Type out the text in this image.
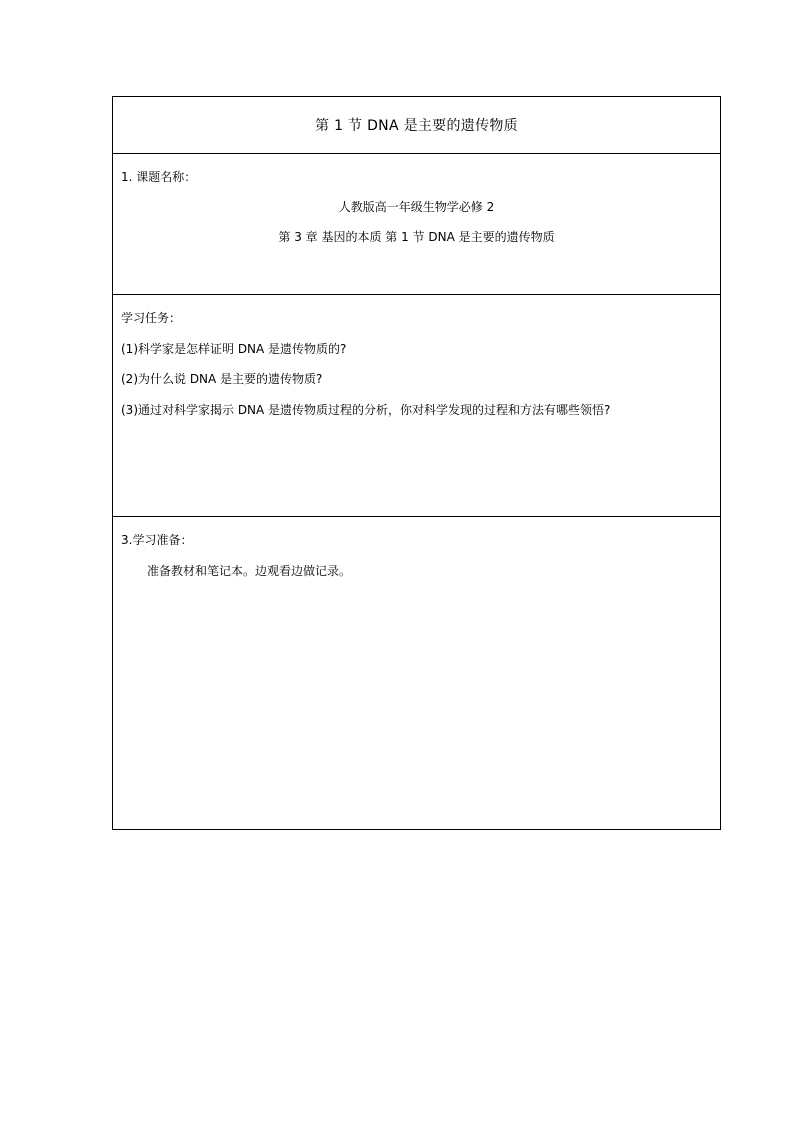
第 1 节 DNA 是主要的遗传物质
1. 课题名称：
人教版高一年级生物学必修 2
第 3 章 基因的本质 第 1 节 DNA 是主要的遗传物质
学习任务：
(1)科学家是怎样证明 DNA 是遗传物质的?
(2)为什么说 DNA 是主要的遗传物质?
(3)通过对科学家揭示 DNA 是遗传物质过程的分析，你对科学发现的过程和方法有哪些领悟?
3.学习准备：
准备教材和笔记本。边观看边做记录。
